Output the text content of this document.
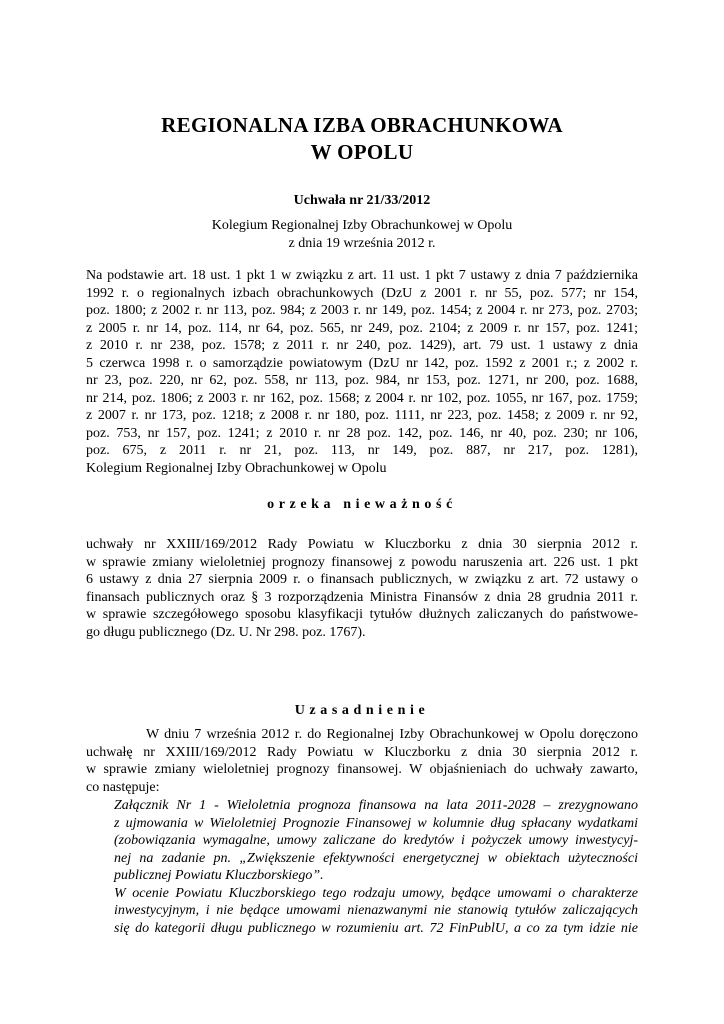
REGIONALNA IZBA OBRACHUNKOWA
W OPOLU
Uchwała nr 21/33/2012
Kolegium Regionalnej Izby Obrachunkowej w Opolu
z dnia 19 września 2012 r.
Na podstawie art. 18 ust. 1 pkt 1 w związku z art. 11 ust. 1 pkt 7 ustawy z dnia 7 października
1992 r. o regionalnych izbach obrachunkowych (DzU z 2001 r. nr 55, poz. 577; nr 154,
poz. 1800; z 2002 r. nr 113, poz. 984; z 2003 r. nr 149, poz. 1454; z 2004 r. nr 273, poz. 2703;
z 2005 r. nr 14, poz. 114, nr 64, poz. 565, nr 249, poz. 2104; z 2009 r. nr 157, poz. 1241;
z 2010 r. nr 238, poz. 1578; z 2011 r. nr 240, poz. 1429), art. 79 ust. 1 ustawy z dnia
5 czerwca 1998 r. o samorządzie powiatowym (DzU nr 142, poz. 1592 z 2001 r.; z 2002 r.
nr 23, poz. 220, nr 62, poz. 558, nr 113, poz. 984, nr 153, poz. 1271, nr 200, poz. 1688,
nr 214, poz. 1806; z 2003 r. nr 162, poz. 1568; z 2004 r. nr 102, poz. 1055, nr 167, poz. 1759;
z 2007 r. nr 173, poz. 1218; z 2008 r. nr 180, poz. 1111, nr 223, poz. 1458; z 2009 r. nr 92,
poz. 753, nr 157, poz. 1241; z 2010 r. nr 28 poz. 142, poz. 146, nr 40, poz. 230; nr 106,
poz. 675, z 2011 r. nr 21, poz. 113, nr 149, poz. 887, nr 217, poz. 1281),
Kolegium Regionalnej Izby Obrachunkowej w Opolu
orzeka nieważność
uchwały nr XXIII/169/2012 Rady Powiatu w Kluczborku z dnia 30 sierpnia 2012 r.
w sprawie zmiany wieloletniej prognozy finansowej z powodu naruszenia art. 226 ust. 1 pkt
6 ustawy z dnia 27 sierpnia 2009 r. o finansach publicznych, w związku z art. 72 ustawy o
finansach publicznych oraz § 3 rozporządzenia Ministra Finansów z dnia 28 grudnia 2011 r.
w sprawie szczegółowego sposobu klasyfikacji tytułów dłużnych zaliczanych do państwowe-
go długu publicznego (Dz. U. Nr 298. poz. 1767).
Uzasadnienie
W dniu 7 września 2012 r. do Regionalnej Izby Obrachunkowej w Opolu doręczono
uchwałę nr XXIII/169/2012 Rady Powiatu w Kluczborku z dnia 30 sierpnia 2012 r.
w sprawie zmiany wieloletniej prognozy finansowej. W objaśnieniach do uchwały zawarto,
co następuje:
Załącznik Nr 1 - Wieloletnia prognoza finansowa na lata 2011-2028 – zrezygnowano
z ujmowania w Wieloletniej Prognozie Finansowej w kolumnie dług spłacany wydatkami
(zobowiązania wymagalne, umowy zaliczane do kredytów i pożyczek umowy inwestycyj-
nej na zadanie pn. „Zwiększenie efektywności energetycznej w obiektach użyteczności
publicznej Powiatu Kluczborskiego”.
W ocenie Powiatu Kluczborskiego tego rodzaju umowy, będące umowami o charakterze
inwestycyjnym, i nie będące umowami nienazwanymi nie stanowią tytułów zaliczających
się do kategorii długu publicznego w rozumieniu art. 72 FinPublU, a co za tym idzie nie
